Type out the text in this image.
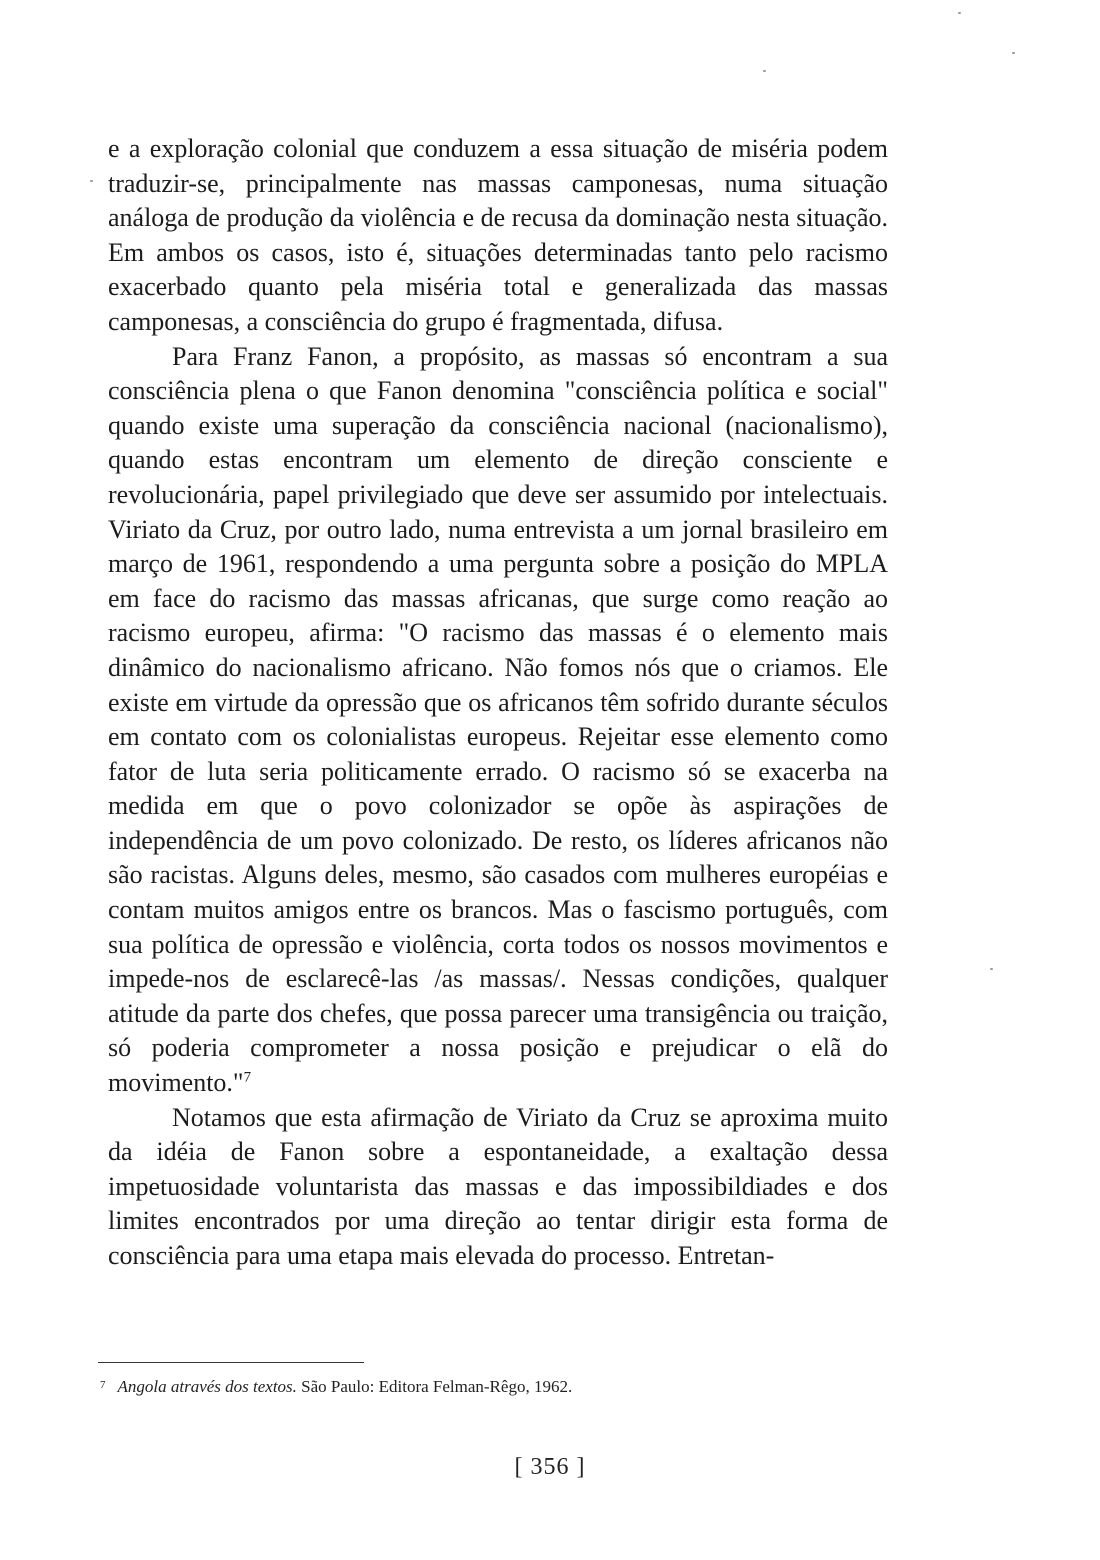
e a exploração colonial que conduzem a essa situação de miséria podem traduzir-se, principalmente nas massas camponesas, numa situação análoga de produção da violência e de recusa da dominação nesta situação. Em ambos os casos, isto é, situações determinadas tanto pelo racismo exacerbado quanto pela miséria total e generalizada das massas camponesas, a consciência do grupo é fragmentada, difusa.

Para Franz Fanon, a propósito, as massas só encontram a sua consciência plena o que Fanon denomina "consciência política e social" quando existe uma superação da consciência nacional (nacionalismo), quando estas encontram um elemento de direção consciente e revolucionária, papel privilegiado que deve ser assumido por intelectuais. Viriato da Cruz, por outro lado, numa entrevista a um jornal brasileiro em março de 1961, respondendo a uma pergunta sobre a posição do MPLA em face do racismo das massas africanas, que surge como reação ao racismo europeu, afirma: "O racismo das massas é o elemento mais dinâmico do nacionalismo africano. Não fomos nós que o criamos. Ele existe em virtude da opressão que os africanos têm sofrido durante séculos em contato com os colonialistas europeus. Rejeitar esse elemento como fator de luta seria politicamente errado. O racismo só se exacerba na medida em que o povo colonizador se opõe às aspirações de independência de um povo colonizado. De resto, os líderes africanos não são racistas. Alguns deles, mesmo, são casados com mulheres européias e contam muitos amigos entre os brancos. Mas o fascismo português, com sua política de opressão e violência, corta todos os nossos movimentos e impede-nos de esclarecê-las /as massas/. Nessas condições, qualquer atitude da parte dos chefes, que possa parecer uma transigência ou traição, só poderia comprometer a nossa posição e prejudicar o elã do movimento."$^7$

Notamos que esta afirmação de Viriato da Cruz se aproxima muito da idéia de Fanon sobre a espontaneidade, a exaltação dessa impetuosidade voluntarista das massas e das impossibildiades e dos limites encontrados por uma direção ao tentar dirigir esta forma de consciência para uma etapa mais elevada do processo. Entretan-

7 Angola através dos textos. São Paulo: Editora Felman-Rêgo, 1962.
[ 356 ]
